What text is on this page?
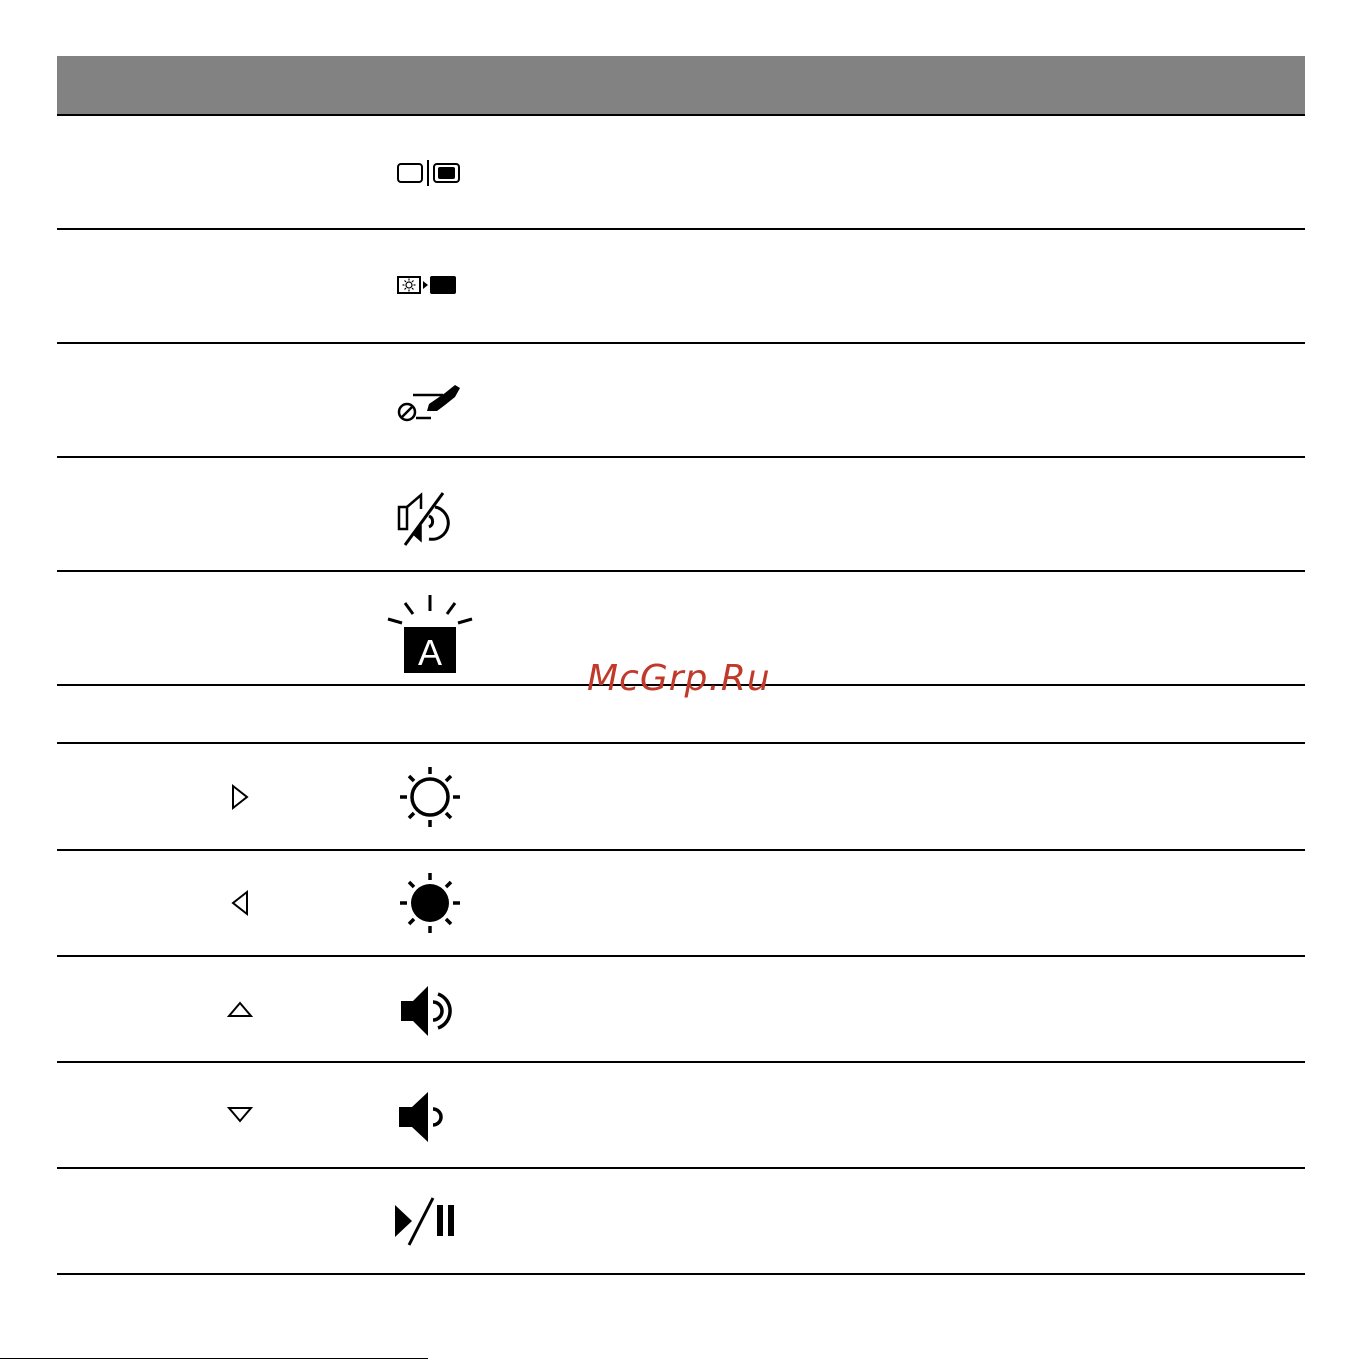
A
McGrp.Ru
